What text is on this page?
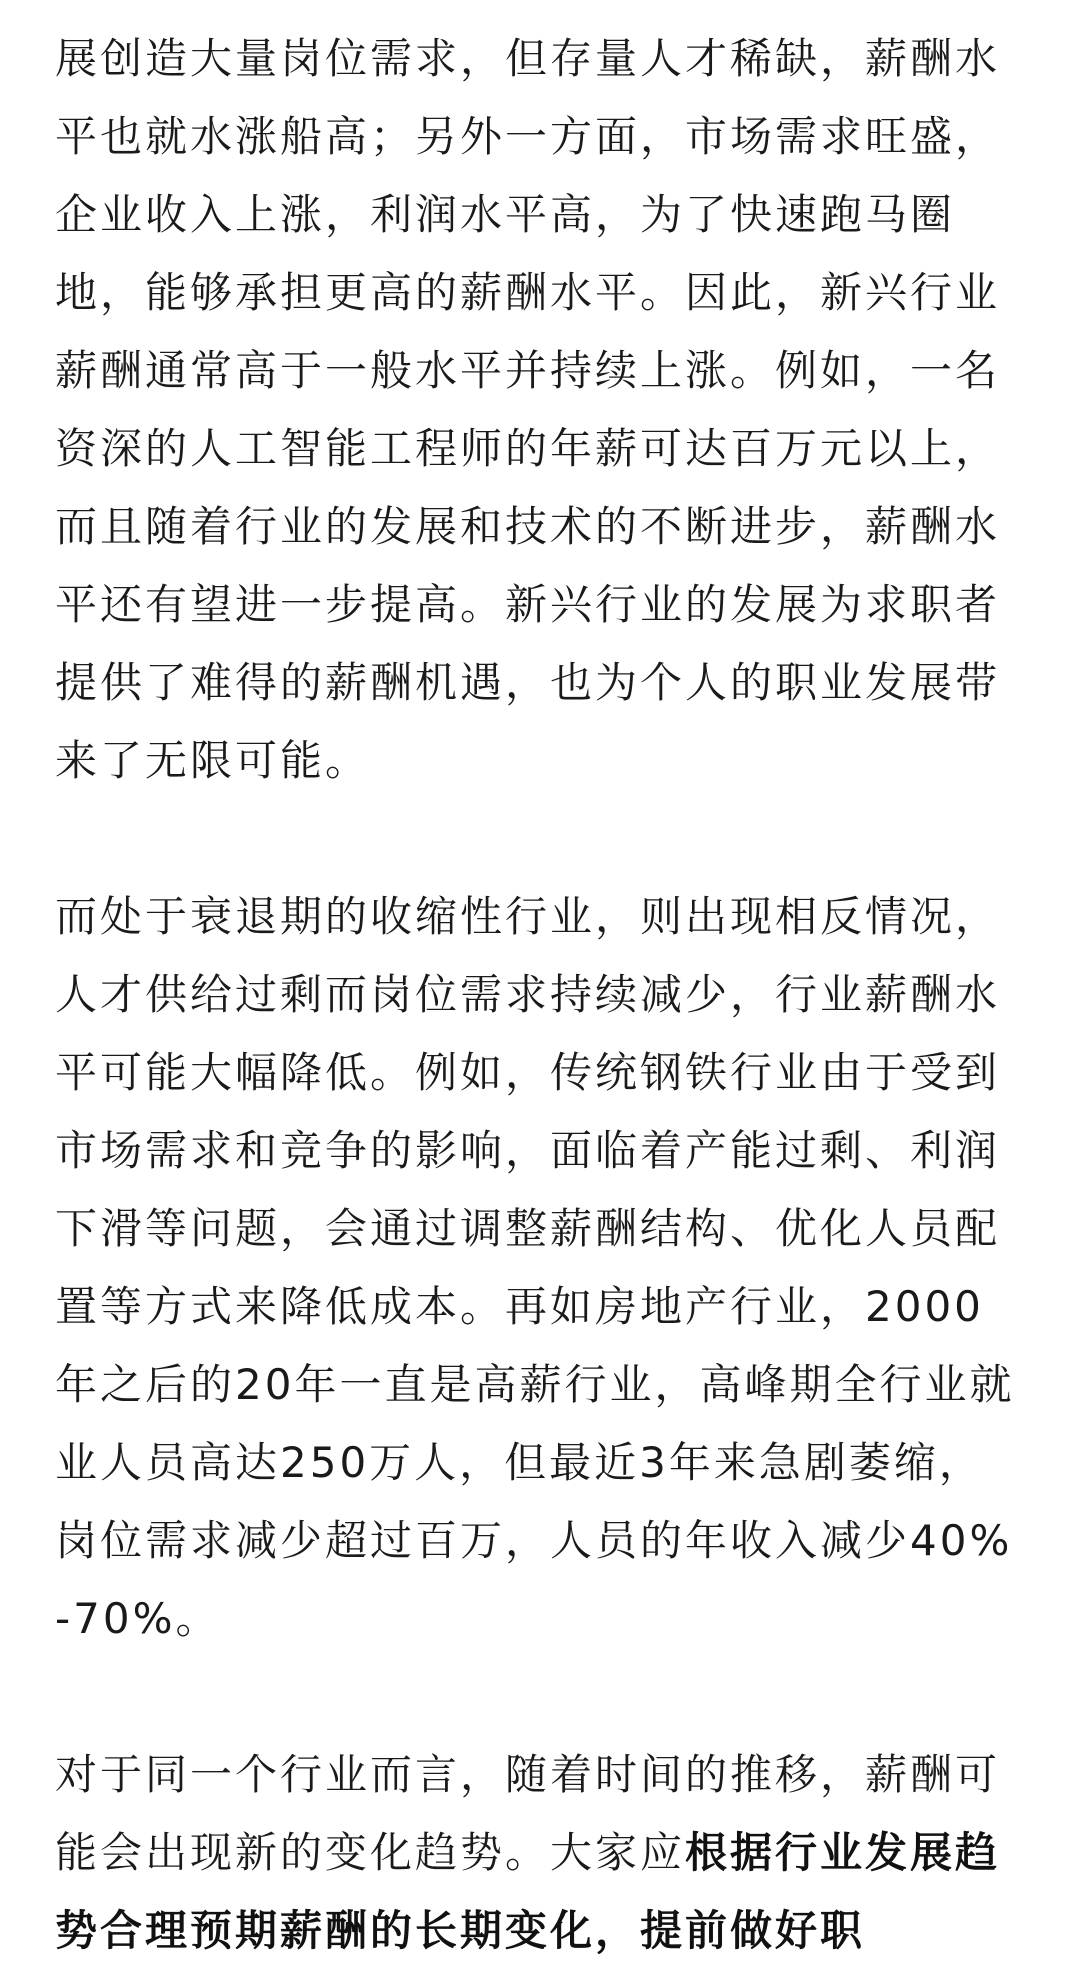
展创造大量岗位需求，但存量人才稀缺，薪酬水平也就水涨船高；另外一方面，市场需求旺盛，企业收入上涨，利润水平高，为了快速跑马圈地，能够承担更高的薪酬水平。因此，新兴行业薪酬通常高于一般水平并持续上涨。例如，一名资深的人工智能工程师的年薪可达百万元以上，而且随着行业的发展和技术的不断进步，薪酬水平还有望进一步提高。新兴行业的发展为求职者提供了难得的薪酬机遇，也为个人的职业发展带来了无限可能。

而处于衰退期的收缩性行业，则出现相反情况，人才供给过剩而岗位需求持续减少，行业薪酬水平可能大幅降低。例如，传统钢铁行业由于受到市场需求和竞争的影响，面临着产能过剩、利润下滑等问题，会通过调整薪酬结构、优化人员配置等方式来降低成本。再如房地产行业，2000年之后的20年一直是高薪行业，高峰期全行业就业人员高达250万人，但最近3年来急剧萎缩，岗位需求减少超过百万，人员的年收入减少40%-70%。

对于同一个行业而言，随着时间的推移，薪酬可能会出现新的变化趋势。大家应根据行业发展趋势合理预期薪酬的长期变化，提前做好职
